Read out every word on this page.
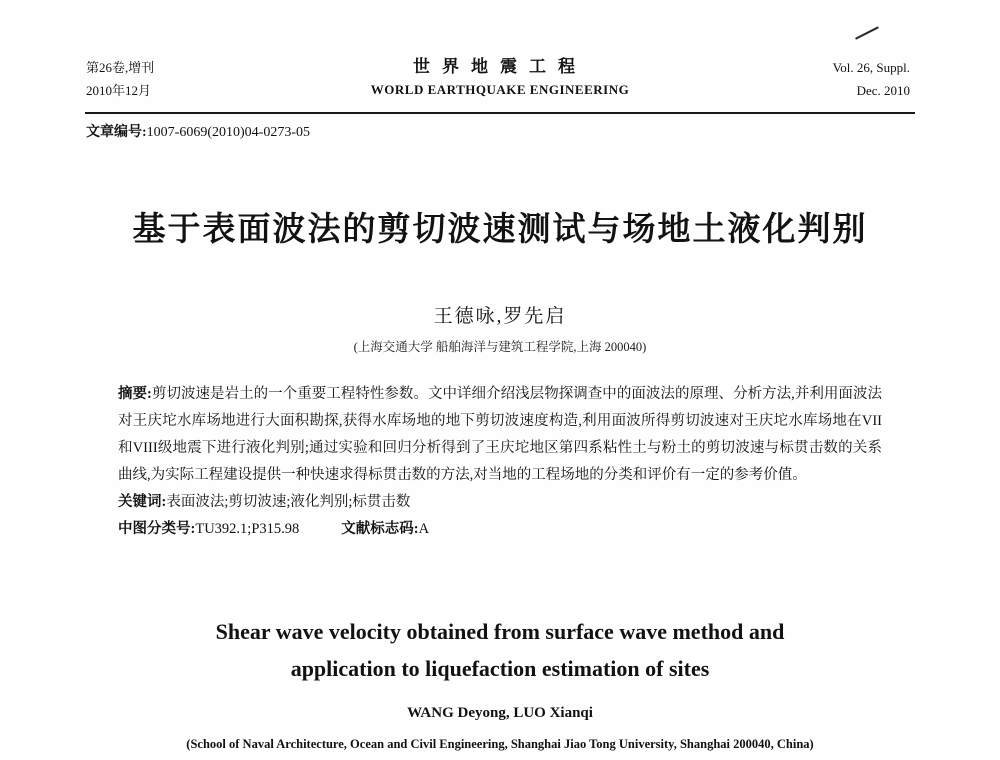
第26卷,增刊
2010年12月
世界地震工程
WORLD EARTHQUAKE ENGINEERING
Vol. 26, Suppl.
Dec. 2010
文章编号:1007-6069(2010)04-0273-05
基于表面波法的剪切波速测试与场地土液化判别
王德咏,罗先启
(上海交通大学 船舶海洋与建筑工程学院,上海 200040)

摘要:剪切波速是岩土的一个重要工程特性参数。文中详细介绍浅层物探调查中的面波法的原理、分析方法,并利用面波法对王庆坨水库场地进行大面积勘探,获得水库场地的地下剪切波速度构造,利用面波所得剪切波速对王庆坨水库场地在VII和VIII级地震下进行液化判别;通过实验和回归分析得到了王庆坨地区第四系粘性土与粉土的剪切波速与标贯击数的关系曲线,为实际工程建设提供一种快速求得标贯击数的方法,对当地的工程场地的分类和评价有一定的参考价值。

关键词:表面波法;剪切波速;液化判别;标贯击数

中图分类号:TU392.1;P315.98	文献标志码:A

Shear wave velocity obtained from surface wave method and
application to liquefaction estimation of sites
WANG Deyong, LUO Xianqi
(School of Naval Architecture, Ocean and Civil Engineering, Shanghai Jiao Tong University, Shanghai 200040, China)
